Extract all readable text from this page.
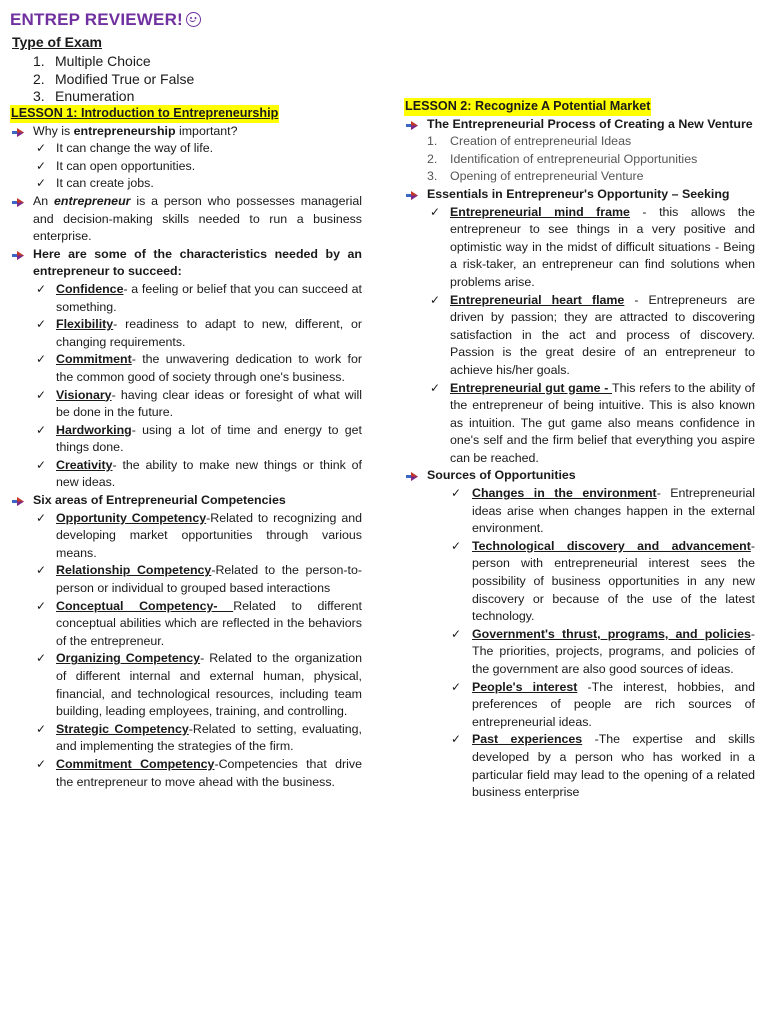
ENTREP REVIEWER!
Type of Exam
1. Multiple Choice
2. Modified True or False
3. Enumeration
LESSON 1: Introduction to Entrepreneurship
Why is entrepreneurship important?
✓ It can change the way of life.
✓ It can open opportunities.
✓ It can create jobs.
An entrepreneur is a person who possesses managerial and decision-making skills needed to run a business enterprise.
Here are some of the characteristics needed by an entrepreneur to succeed:
✓ Confidence- a feeling or belief that you can succeed at something.
✓ Flexibility- readiness to adapt to new, different, or changing requirements.
✓ Commitment- the unwavering dedication to work for the common good of society through one's business.
✓ Visionary- having clear ideas or foresight of what will be done in the future.
✓ Hardworking- using a lot of time and energy to get things done.
✓ Creativity- the ability to make new things or think of new ideas.
Six areas of Entrepreneurial Competencies
✓ Opportunity Competency-Related to recognizing and developing market opportunities through various means.
✓ Relationship Competency-Related to the person-to-person or individual to grouped based interactions
✓ Conceptual Competency- Related to different conceptual abilities which are reflected in the behaviors of the entrepreneur.
✓ Organizing Competency- Related to the organization of different internal and external human, physical, financial, and technological resources, including team building, leading employees, training, and controlling.
✓ Strategic Competency-Related to setting, evaluating, and implementing the strategies of the firm.
✓ Commitment Competency-Competencies that drive the entrepreneur to move ahead with the business.
LESSON 2: Recognize A Potential Market
The Entrepreneurial Process of Creating a New Venture
1. Creation of entrepreneurial Ideas
2. Identification of entrepreneurial Opportunities
3. Opening of entrepreneurial Venture
Essentials in Entrepreneur's Opportunity – Seeking
✓ Entrepreneurial mind frame - this allows the entrepreneur to see things in a very positive and optimistic way in the midst of difficult situations - Being a risk-taker, an entrepreneur can find solutions when problems arise.
✓ Entrepreneurial heart flame - Entrepreneurs are driven by passion; they are attracted to discovering satisfaction in the act and process of discovery. Passion is the great desire of an entrepreneur to achieve his/her goals.
✓ Entrepreneurial gut game - This refers to the ability of the entrepreneur of being intuitive. This is also known as intuition. The gut game also means confidence in one's self and the firm belief that everything you aspire can be reached.
Sources of Opportunities
✓ Changes in the environment- Entrepreneurial ideas arise when changes happen in the external environment.
✓ Technological discovery and advancement-person with entrepreneurial interest sees the possibility of business opportunities in any new discovery or because of the use of the latest technology.
✓ Government's thrust, programs, and policies-The priorities, projects, programs, and policies of the government are also good sources of ideas.
✓ People's interest -The interest, hobbies, and preferences of people are rich sources of entrepreneurial ideas.
✓ Past experiences -The expertise and skills developed by a person who has worked in a particular field may lead to the opening of a related business enterprise
